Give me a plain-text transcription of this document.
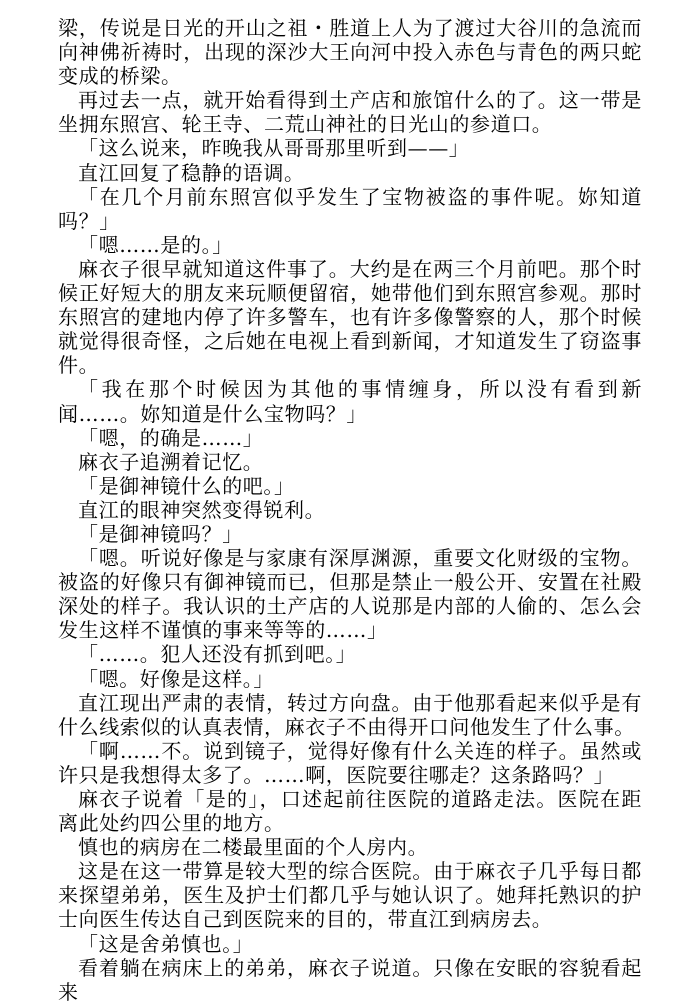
梁，传说是日光的开山之祖・胜道上人为了渡过大谷川的急流而向神佛祈祷时，出现的深沙大王向河中投入赤色与青色的两只蛇变成的桥梁。

再过去一点，就开始看得到土产店和旅馆什么的了。这一带是坐拥东照宫、轮王寺、二荒山神社的日光山的参道口。

「这么说来，昨晚我从哥哥那里听到——」

直江回复了稳静的语调。

「在几个月前东照宫似乎发生了宝物被盗的事件呢。妳知道吗？」

「嗯……是的。」

麻衣子很早就知道这件事了。大约是在两三个月前吧。那个时候正好短大的朋友来玩顺便留宿，她带他们到东照宫参观。那时东照宫的建地内停了许多警车，也有许多像警察的人，那个时候就觉得很奇怪，之后她在电视上看到新闻，才知道发生了窃盗事件。

「我在那个时候因为其他的事情缠身，所以没有看到新闻……。妳知道是什么宝物吗？」

「嗯，的确是……」

麻衣子追溯着记忆。

「是御神镜什么的吧。」

直江的眼神突然变得锐利。

「是御神镜吗？」

「嗯。听说好像是与家康有深厚渊源，重要文化财级的宝物。被盗的好像只有御神镜而已，但那是禁止一般公开、安置在社殿深处的样子。我认识的土产店的人说那是内部的人偷的、怎么会发生这样不谨慎的事来等等的……」

「……。犯人还没有抓到吧。」

「嗯。好像是这样。」

直江现出严肃的表情，转过方向盘。由于他那看起来似乎是有什么线索似的认真表情，麻衣子不由得开口问他发生了什么事。

「啊……不。说到镜子，觉得好像有什么关连的样子。虽然或许只是我想得太多了。……啊，医院要往哪走？这条路吗？」

麻衣子说着「是的」，口述起前往医院的道路走法。医院在距离此处约四公里的地方。

慎也的病房在二楼最里面的个人房内。

这是在这一带算是较大型的综合医院。由于麻衣子几乎每日都来探望弟弟，医生及护士们都几乎与她认识了。她拜托熟识的护士向医生传达自己到医院来的目的，带直江到病房去。

「这是舍弟慎也。」

看着躺在病床上的弟弟，麻衣子说道。只像在安眠的容貌看起来
